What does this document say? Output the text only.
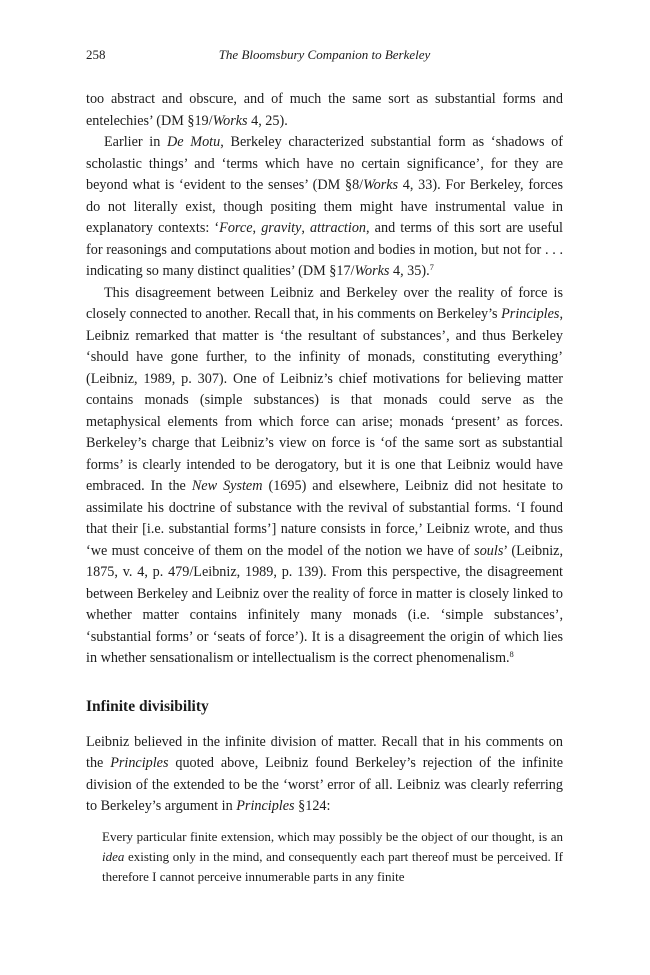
258	The Bloomsbury Companion to Berkeley

too abstract and obscure, and of much the same sort as substantial forms and entelechies’ (DM §19/Works 4, 25).

Earlier in De Motu, Berkeley characterized substantial form as ‘shadows of scholastic things’ and ‘terms which have no certain significance’, for they are beyond what is ‘evident to the senses’ (DM §8/Works 4, 33). For Berkeley, forces do not literally exist, though positing them might have instrumental value in explanatory contexts: ‘Force, gravity, attraction, and terms of this sort are useful for reasonings and computations about motion and bodies in motion, but not for . . . indicating so many distinct qualities’ (DM §17/Works 4, 35).$^7$

This disagreement between Leibniz and Berkeley over the reality of force is closely connected to another. Recall that, in his comments on Berkeley’s Principles, Leibniz remarked that matter is ‘the resultant of substances’, and thus Berkeley ‘should have gone further, to the infinity of monads, constituting everything’ (Leibniz, 1989, p. 307). One of Leibniz’s chief motivations for believing matter contains monads (simple substances) is that monads could serve as the metaphysical elements from which force can arise; monads ‘present’ as forces. Berkeley’s charge that Leibniz’s view on force is ‘of the same sort as substantial forms’ is clearly intended to be derogatory, but it is one that Leibniz would have embraced. In the New System (1695) and elsewhere, Leibniz did not hesitate to assimilate his doctrine of substance with the revival of substantial forms. ‘I found that their [i.e. substantial forms’] nature consists in force,’ Leibniz wrote, and thus ‘we must conceive of them on the model of the notion we have of souls’ (Leibniz, 1875, v. 4, p. 479/Leibniz, 1989, p. 139). From this perspective, the disagreement between Berkeley and Leibniz over the reality of force in matter is closely linked to whether matter contains infinitely many monads (i.e. ‘simple substances’, ‘substantial forms’ or ‘seats of force’). It is a disagreement the origin of which lies in whether sensationalism or intellectualism is the correct phenomenalism.$^8$

Infinite divisibility

Leibniz believed in the infinite division of matter. Recall that in his comments on the Principles quoted above, Leibniz found Berkeley’s rejection of the infinite division of the extended to be the ‘worst’ error of all. Leibniz was clearly referring to Berkeley’s argument in Principles §124:

Every particular finite extension, which may possibly be the object of our thought, is an idea existing only in the mind, and consequently each part thereof must be perceived. If therefore I cannot perceive innumerable parts in any finite
